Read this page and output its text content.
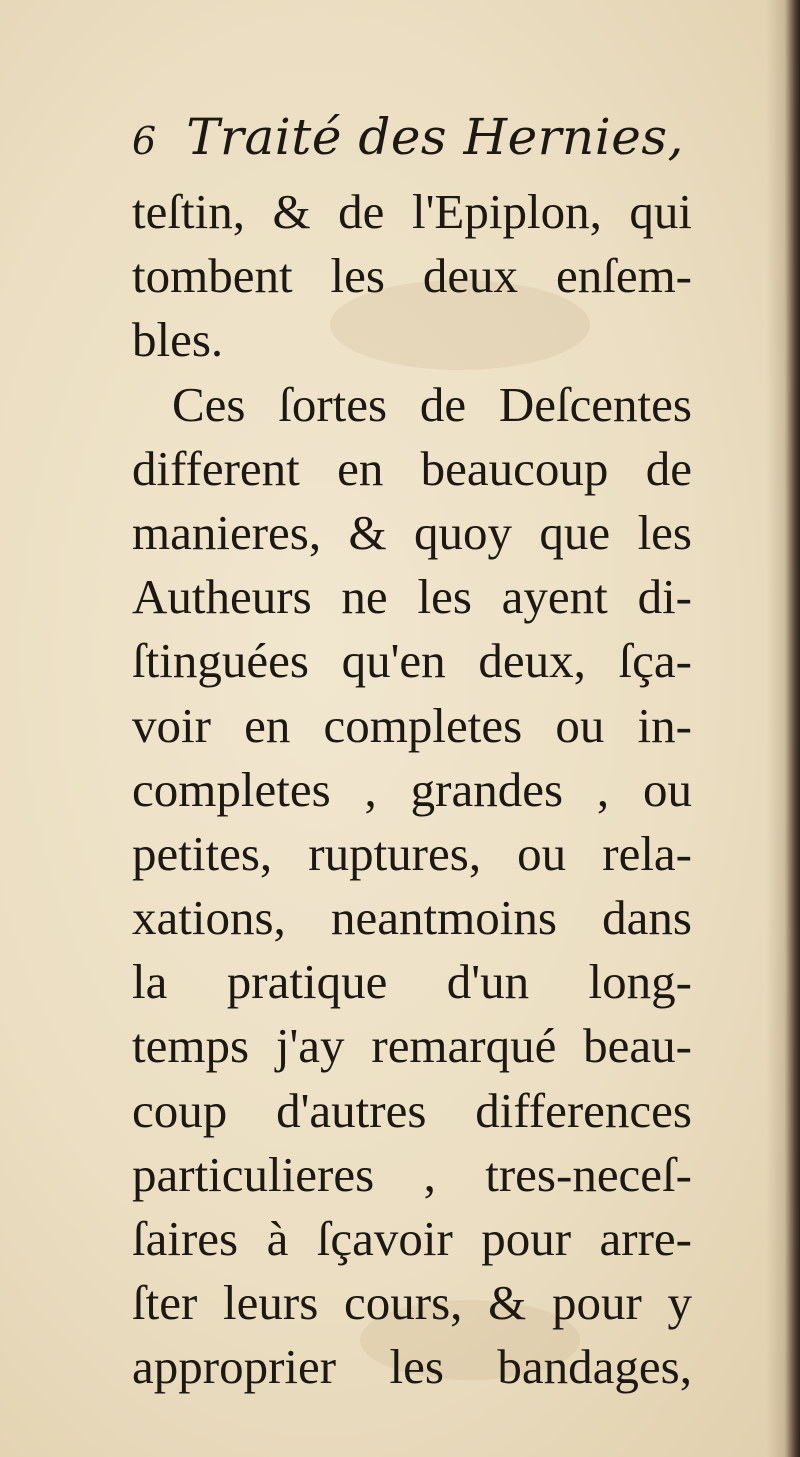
6 Traité des Hernies,
teſtin, & de l'Epiplon, qui
tombent les deux enſem-
bles.
Ces ſortes de Deſcentes
different en beaucoup de
manieres, & quoy que les
Autheurs ne les ayent di-
ſtinguées qu'en deux, ſça-
voir en completes ou in-
completes , grandes , ou
petites, ruptures, ou rela-
xations, neantmoins dans
la pratique d'un long-
temps j'ay remarqué beau-
coup d'autres differences
particulieres , tres-neceſ-
ſaires à ſçavoir pour arre-
ſter leurs cours, & pour y
approprier les bandages,
